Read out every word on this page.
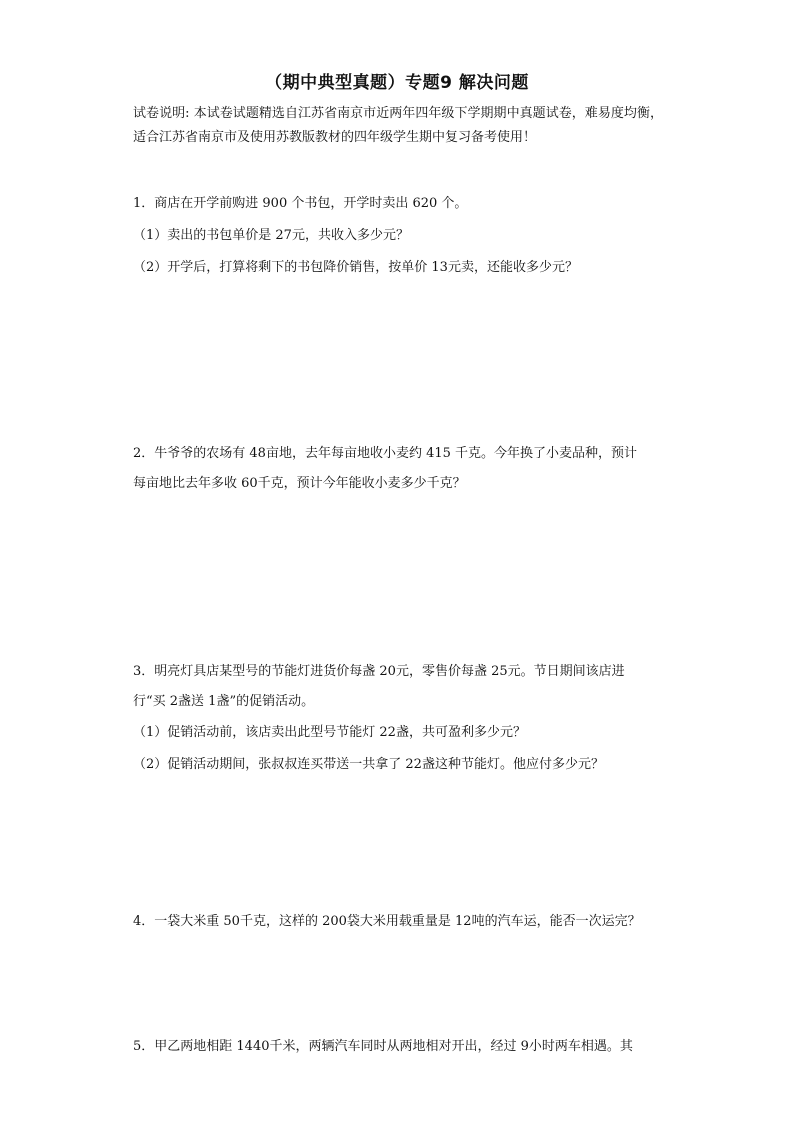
（期中典型真题）专题9 解决问题
试卷说明: 本试卷试题精选自江苏省南京市近两年四年级下学期期中真题试卷，难易度均衡，适合江苏省南京市及使用苏教版教材的四年级学生期中复习备考使用！
1．商店在开学前购进 900 个书包，开学时卖出 620 个。
（1）卖出的书包单价是 27元，共收入多少元？
（2）开学后，打算将剩下的书包降价销售，按单价 13元卖，还能收多少元？
2．牛爷爷的农场有 48亩地，去年每亩地收小麦约 415 千克。今年换了小麦品种，预计
每亩地比去年多收 60千克，预计今年能收小麦多少千克？
3．明亮灯具店某型号的节能灯进货价每盏 20元，零售价每盏 25元。节日期间该店进
行“买 2盏送 1盏”的促销活动。
（1）促销活动前，该店卖出此型号节能灯 22盏，共可盈利多少元？
（2）促销活动期间，张叔叔连买带送一共拿了 22盏这种节能灯。他应付多少元？
4．一袋大米重 50千克，这样的 200袋大米用载重量是 12吨的汽车运，能否一次运完？
5．甲乙两地相距 1440千米，两辆汽车同时从两地相对开出，经过 9小时两车相遇。其
